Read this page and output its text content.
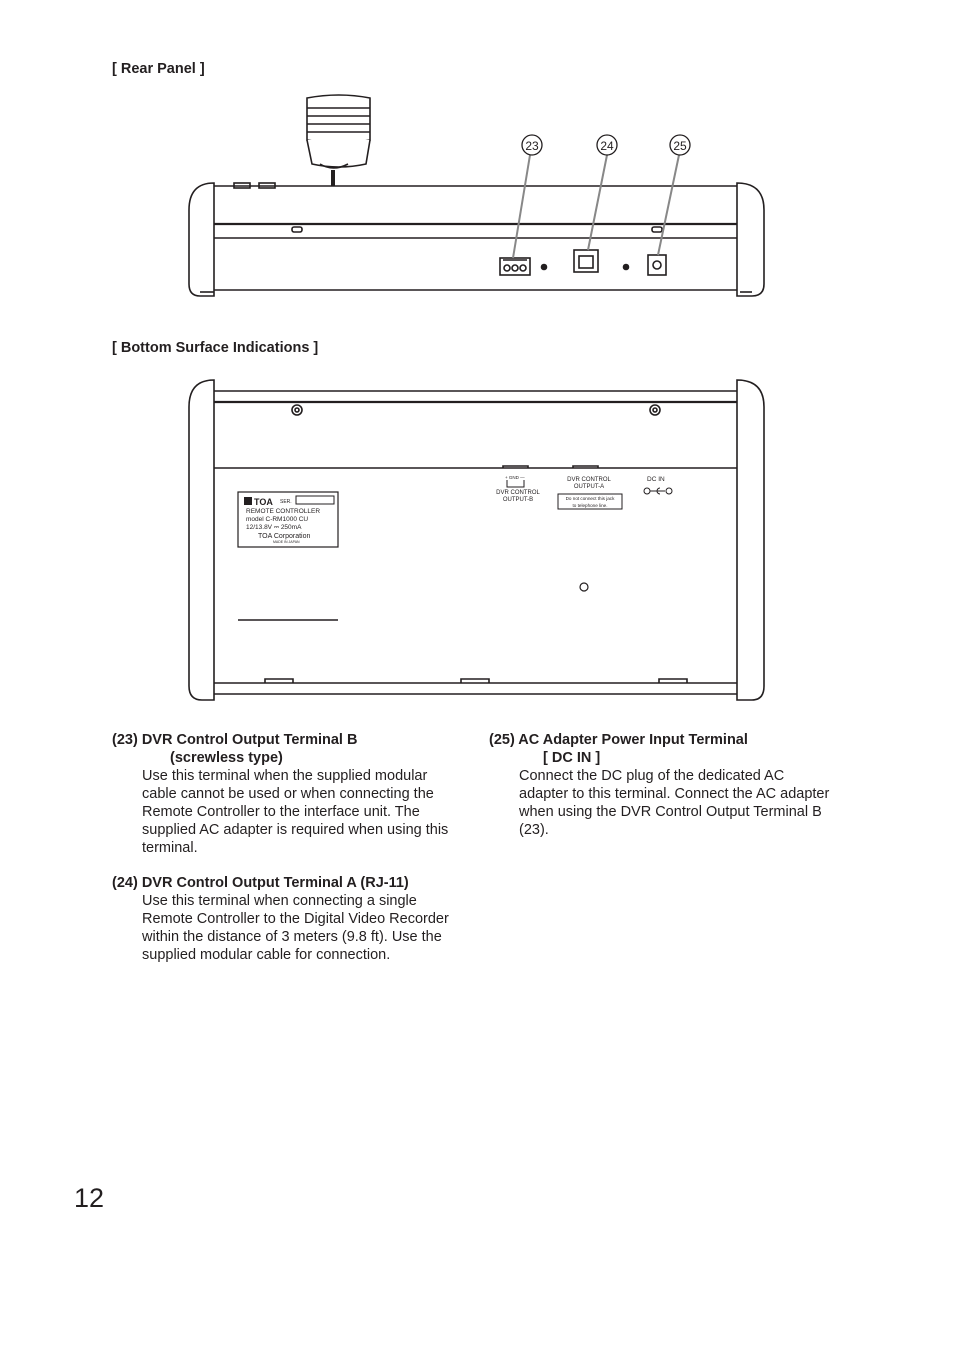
[ Rear Panel ]
23	24	25
[ Bottom Surface Indications ]
TOA SER.
REMOTE CONTROLLER
model C-RM1000 CU
12/13.8V ⎓ 250mA
TOA Corporation
MADE IN JAPAN
+ GND —
DVR CONTROL
OUTPUT-B
DVR CONTROL
OUTPUT-A
Do not connect this jack
to telephone line.
DC IN
(23) DVR Control Output Terminal B
(screwless type)
Use this terminal when the supplied modular
cable cannot be used or when connecting the
Remote Controller to the interface unit. The
supplied AC adapter is required when using this
terminal.
(24) DVR Control Output Terminal A (RJ-11)
Use this terminal when connecting a single
Remote Controller to the Digital Video Recorder
within the distance of 3 meters (9.8 ft). Use the
supplied modular cable for connection.
(25) AC Adapter Power Input Terminal
[ DC IN ]
Connect the DC plug of the dedicated AC
adapter to this terminal. Connect the AC adapter
when using the DVR Control Output Terminal B
(23).
12
